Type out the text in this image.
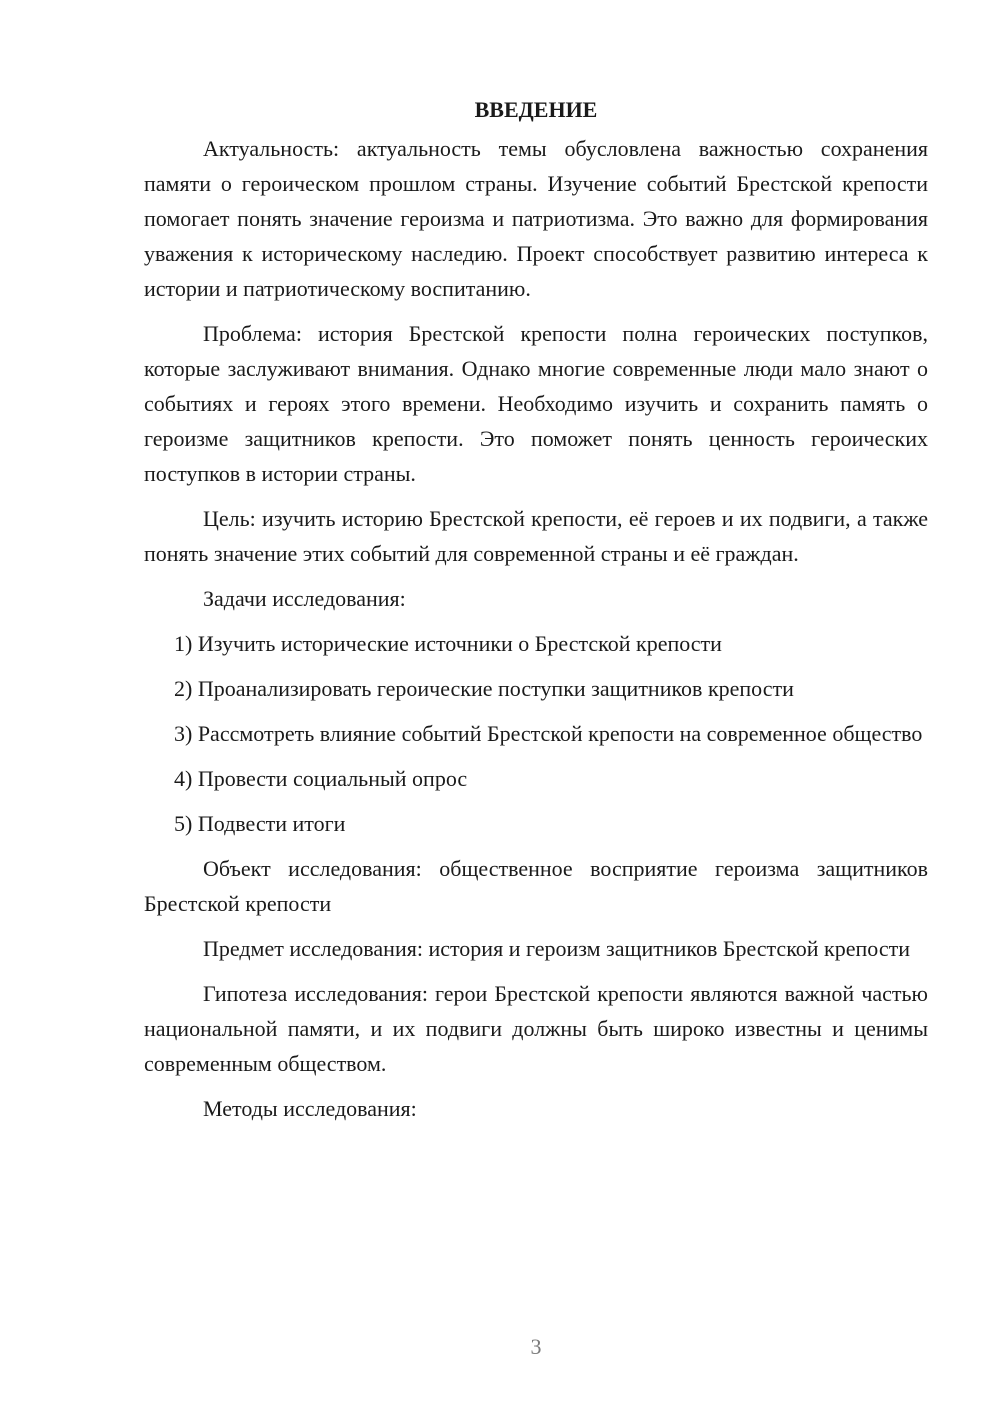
ВВЕДЕНИЕ

Актуальность: актуальность темы обусловлена важностью сохранения памяти о героическом прошлом страны. Изучение событий Брестской крепости помогает понять значение героизма и патриотизма. Это важно для формирования уважения к историческому наследию. Проект способствует развитию интереса к истории и патриотическому воспитанию.

Проблема: история Брестской крепости полна героических поступков, которые заслуживают внимания. Однако многие современные люди мало знают о событиях и героях этого времени. Необходимо изучить и сохранить память о героизме защитников крепости. Это поможет понять ценность героических поступков в истории страны.

Цель: изучить историю Брестской крепости, её героев и их подвиги, а также понять значение этих событий для современной страны и её граждан.

Задачи исследования:

1) Изучить исторические источники о Брестской крепости

2) Проанализировать героические поступки защитников крепости

3) Рассмотреть влияние событий Брестской крепости на современное общество

4) Провести социальный опрос

5) Подвести итоги

Объект исследования: общественное восприятие героизма защитников Брестской крепости

Предмет исследования: история и героизм защитников Брестской крепости

Гипотеза исследования: герои Брестской крепости являются важной частью национальной памяти, и их подвиги должны быть широко известны и ценимы современным обществом.

Методы исследования:

3
